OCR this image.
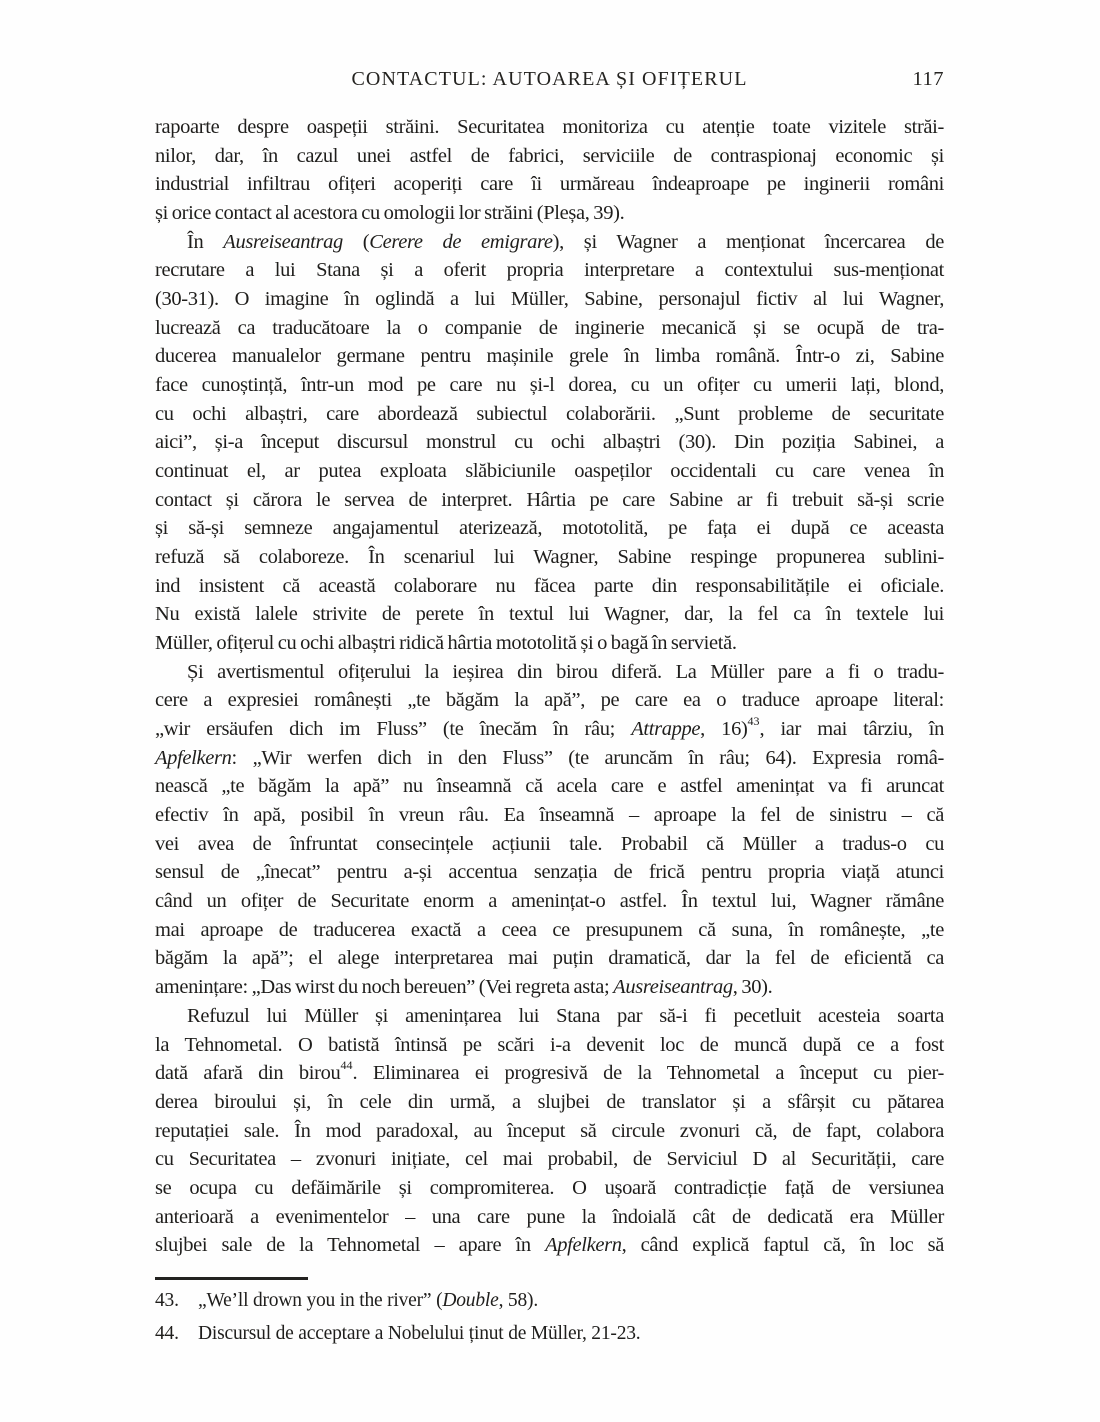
CONTACTUL: AUTOAREA ȘI OFIȚERUL	117
rapoarte despre oaspeții străini. Securitatea monitoriza cu atenție toate vizitele străi-
nilor, dar, în cazul unei astfel de fabrici, serviciile de contraspionaj economic și
industrial infiltrau ofițeri acoperiți care îi urmăreau îndeaproape pe inginerii români
și orice contact al acestora cu omologii lor străini (Pleșa, 39).
În Ausreiseantrag (Cerere de emigrare), și Wagner a menționat încercarea de
recrutare a lui Stana și a oferit propria interpretare a contextului sus-menționat
(30-31). O imagine în oglindă a lui Müller, Sabine, personajul fictiv al lui Wagner,
lucrează ca traducătoare la o companie de inginerie mecanică și se ocupă de tra-
ducerea manualelor germane pentru mașinile grele în limba română. Într-o zi, Sabine
face cunoștință, într-un mod pe care nu și-l dorea, cu un ofițer cu umerii lați, blond,
cu ochi albaștri, care abordează subiectul colaborării. „Sunt probleme de securitate
aici”, și-a început discursul monstrul cu ochi albaștri (30). Din poziția Sabinei, a
continuat el, ar putea exploata slăbiciunile oaspeților occidentali cu care venea în
contact și cărora le servea de interpret. Hârtia pe care Sabine ar fi trebuit să-și scrie
și să-și semneze angajamentul aterizează, mototolită, pe fața ei după ce aceasta
refuză să colaboreze. În scenariul lui Wagner, Sabine respinge propunerea sublini-
ind insistent că această colaborare nu făcea parte din responsabilitățile ei oficiale.
Nu există lalele strivite de perete în textul lui Wagner, dar, la fel ca în textele lui
Müller, ofițerul cu ochi albaștri ridică hârtia mototolită și o bagă în servietă.
Și avertismentul ofițerului la ieșirea din birou diferă. La Müller pare a fi o tradu-
cere a expresiei românești „te băgăm la apă”, pe care ea o traduce aproape literal:
„wir ersäufen dich im Fluss” (te înecăm în râu; Attrappe, 16)$^{43}$, iar mai târziu, în
Apfelkern: „Wir werfen dich in den Fluss” (te aruncăm în râu; 64). Expresia româ-
nească „te băgăm la apă” nu înseamnă că acela care e astfel amenințat va fi aruncat
efectiv în apă, posibil în vreun râu. Ea înseamnă – aproape la fel de sinistru – că
vei avea de înfruntat consecințele acțiunii tale. Probabil că Müller a tradus-o cu
sensul de „înecat” pentru a-și accentua senzația de frică pentru propria viață atunci
când un ofițer de Securitate enorm a amenințat-o astfel. În textul lui, Wagner rămâne
mai aproape de traducerea exactă a ceea ce presupunem că suna, în românește, „te
băgăm la apă”; el alege interpretarea mai puțin dramatică, dar la fel de eficientă ca
amenințare: „Das wirst du noch bereuen” (Vei regreta asta; Ausreiseantrag, 30).
Refuzul lui Müller și amenințarea lui Stana par să-i fi pecetluit acesteia soarta
la Tehnometal. O batistă întinsă pe scări i-a devenit loc de muncă după ce a fost
dată afară din birou$^{44}$. Eliminarea ei progresivă de la Tehnometal a început cu pier-
derea biroului și, în cele din urmă, a slujbei de translator și a sfârșit cu pătarea
reputației sale. În mod paradoxal, au început să circule zvonuri că, de fapt, colabora
cu Securitatea – zvonuri inițiate, cel mai probabil, de Serviciul D al Securității, care
se ocupa cu defăimările și compromiterea. O ușoară contradicție față de versiunea
anterioară a evenimentelor – una care pune la îndoială cât de dedicată era Müller
slujbei sale de la Tehnometal – apare în Apfelkern, când explică faptul că, în loc să
43. „We’ll drown you in the river” (Double, 58).
44. Discursul de acceptare a Nobelului ținut de Müller, 21-23.
